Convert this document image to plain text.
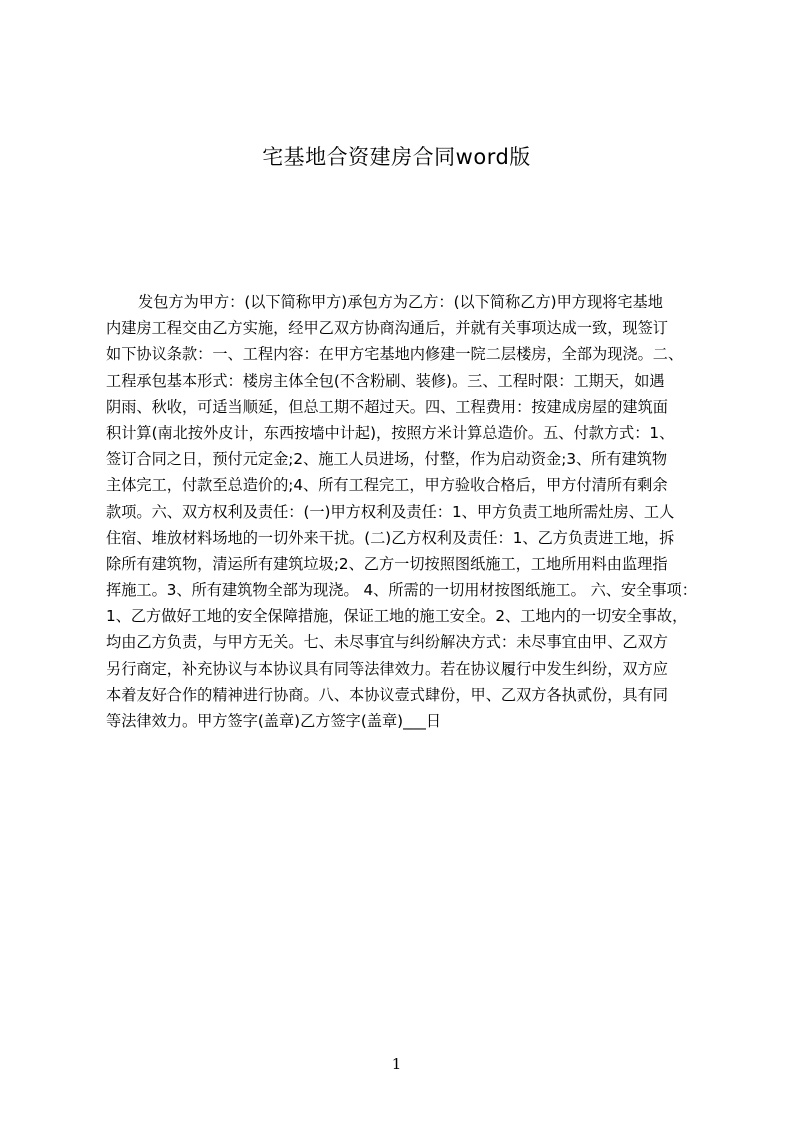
宅基地合资建房合同word版
发包方为甲方：(以下简称甲方)承包方为乙方：(以下简称乙方)甲方现将宅基地
内建房工程交由乙方实施，经甲乙双方协商沟通后，并就有关事项达成一致，现签订
如下协议条款：一、工程内容：在甲方宅基地内修建一院二层楼房，全部为现浇。二、
工程承包基本形式：楼房主体全包(不含粉刷、装修)。三、工程时限：工期天，如遇
阴雨、秋收，可适当顺延，但总工期不超过天。四、工程费用：按建成房屋的建筑面
积计算(南北按外皮计，东西按墙中计起)，按照方米计算总造价。五、付款方式：1、
签订合同之日，预付元定金;2、施工人员进场，付整，作为启动资金;3、所有建筑物
主体完工，付款至总造价的;4、所有工程完工，甲方验收合格后，甲方付清所有剩余
款项。六、双方权利及责任：(一)甲方权利及责任：1、甲方负责工地所需灶房、工人
住宿、堆放材料场地的一切外来干扰。(二)乙方权利及责任：1、乙方负责进工地，拆
除所有建筑物，清运所有建筑垃圾;2、乙方一切按照图纸施工，工地所用料由监理指
挥施工。3、所有建筑物全部为现浇。 4、所需的一切用材按图纸施工。 六、安全事项：
1、乙方做好工地的安全保障措施，保证工地的施工安全。2、工地内的一切安全事故，
均由乙方负责，与甲方无关。七、未尽事宜与纠纷解决方式：未尽事宜由甲、乙双方
另行商定，补充协议与本协议具有同等法律效力。若在协议履行中发生纠纷，双方应
本着友好合作的精神进行协商。八、本协议壹式肆份，甲、乙双方各执贰份，具有同
等法律效力。甲方签字(盖章)乙方签字(盖章)___日
1
